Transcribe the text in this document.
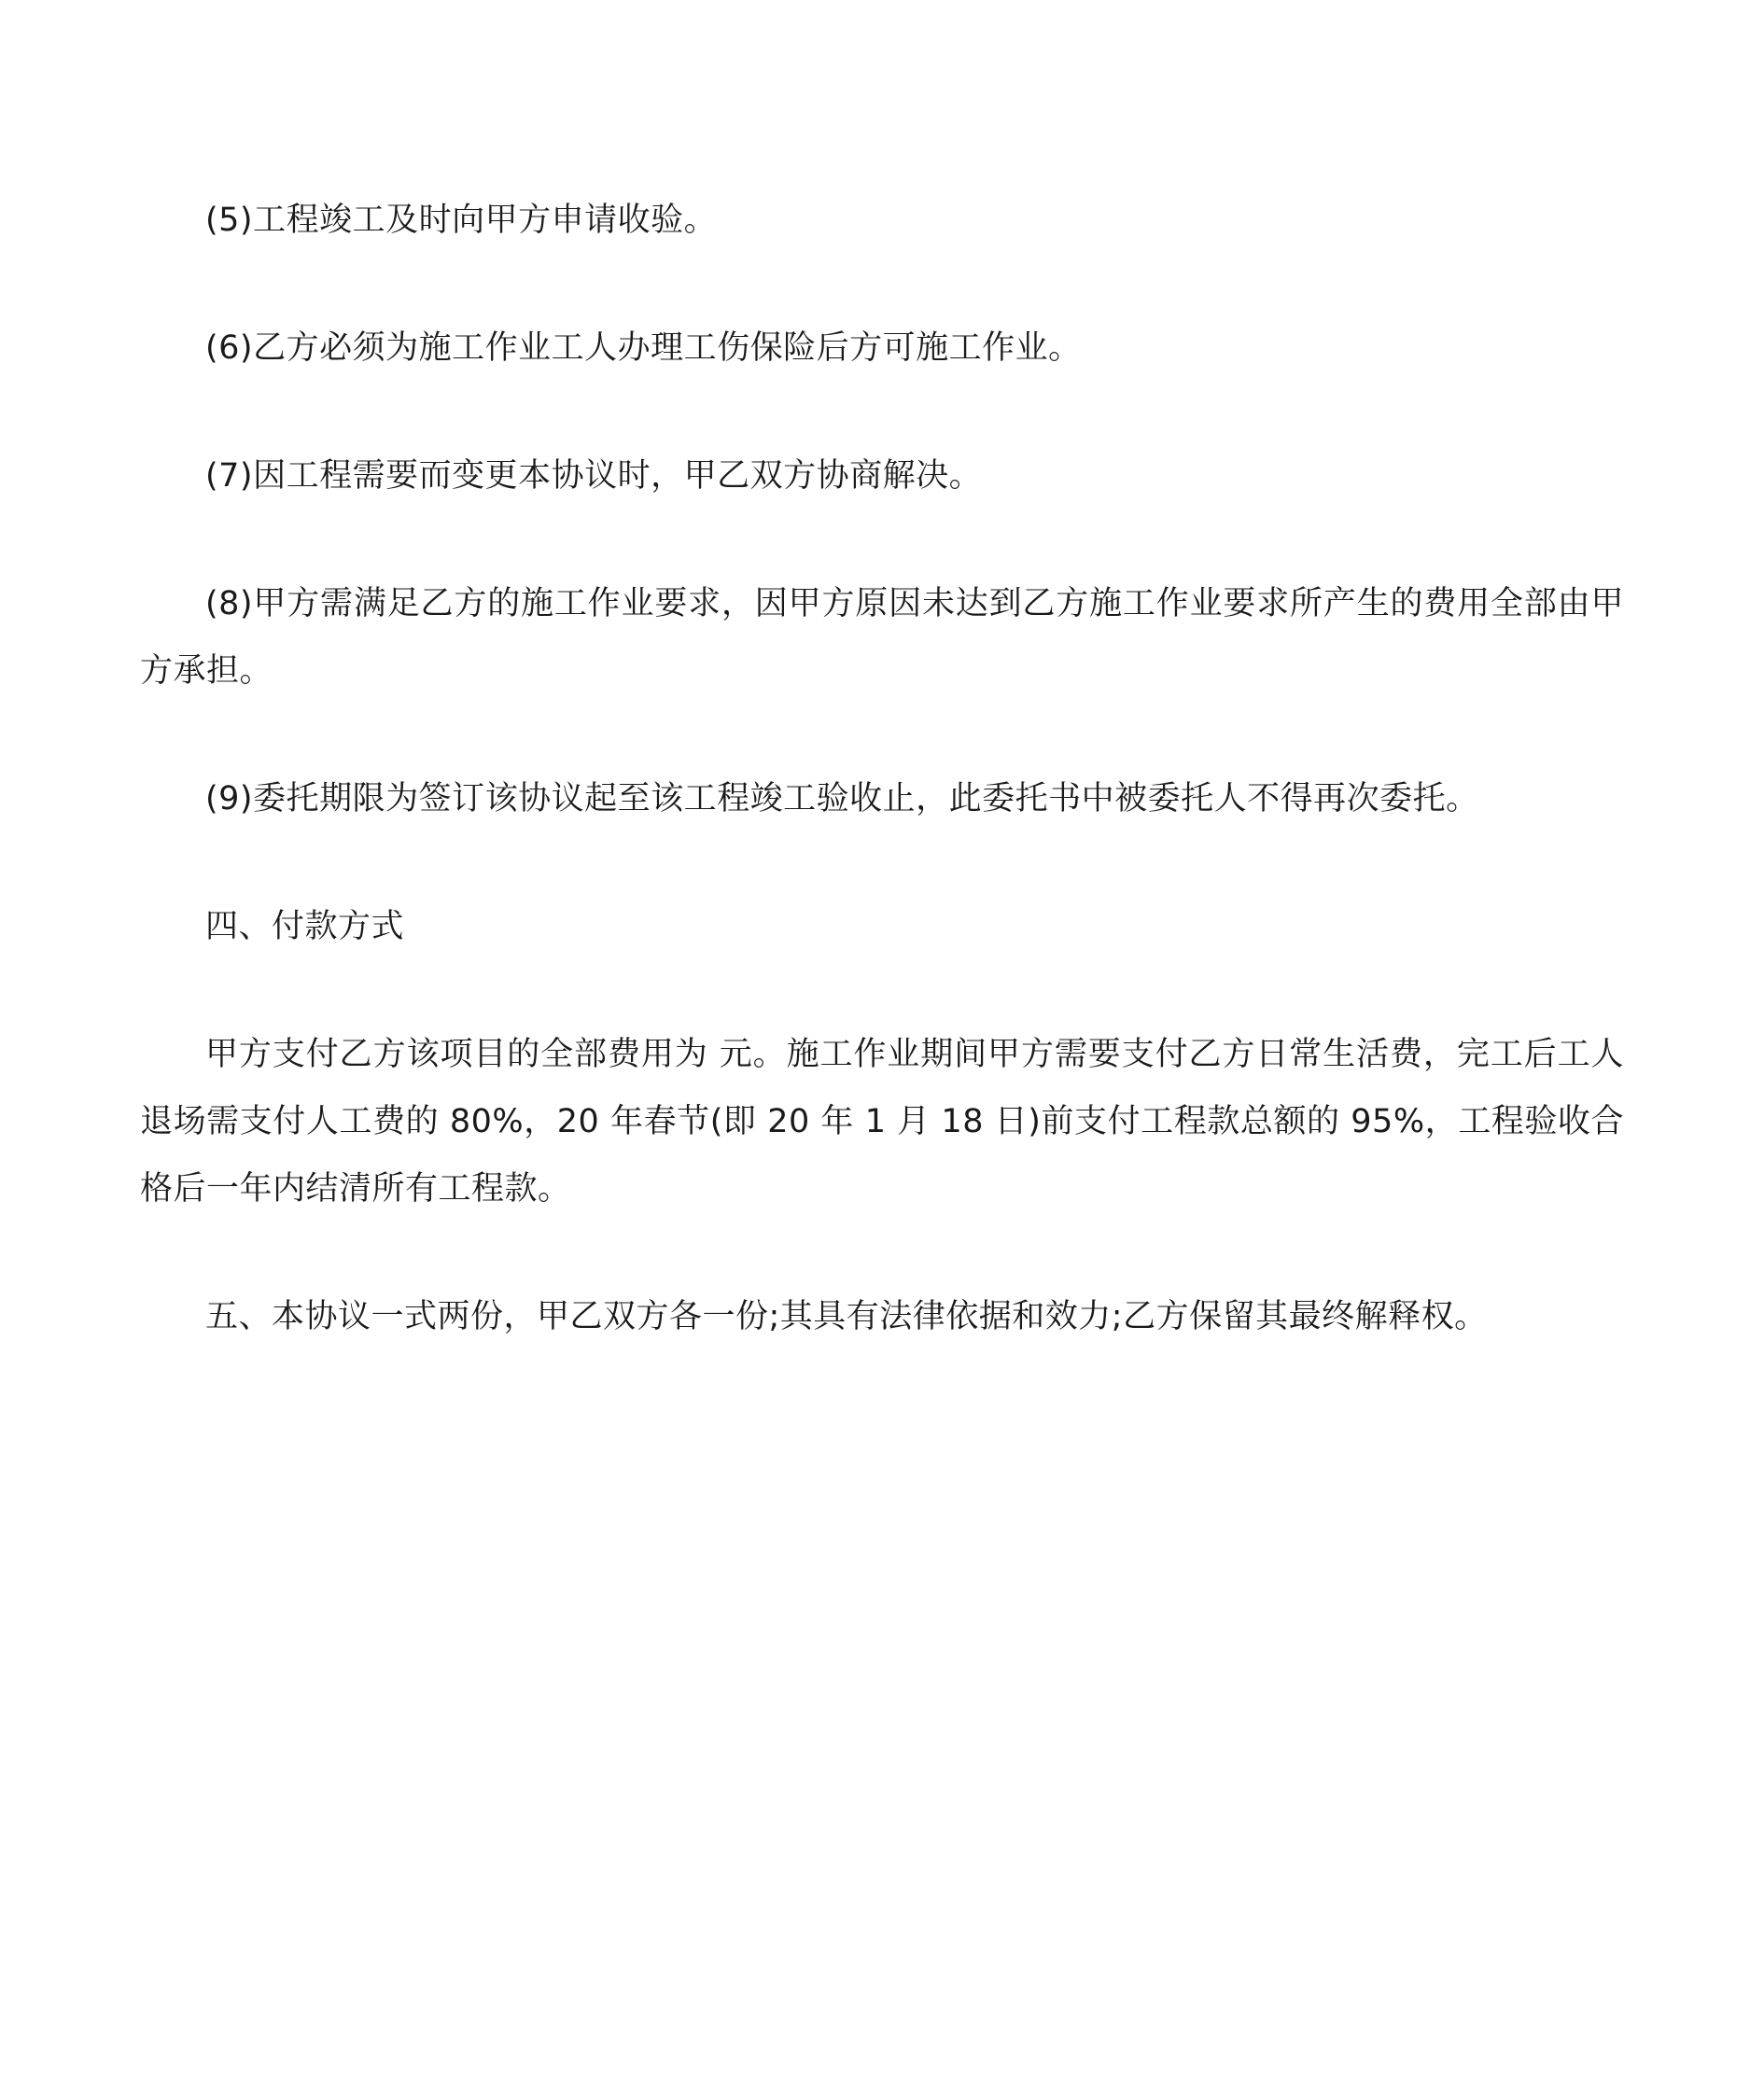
(5)工程竣工及时向甲方申请收验。

(6)乙方必须为施工作业工人办理工伤保险后方可施工作业。

(7)因工程需要而变更本协议时，甲乙双方协商解决。

(8)甲方需满足乙方的施工作业要求，因甲方原因未达到乙方施工作业要求所产生的费用全部由甲方承担。

(9)委托期限为签订该协议起至该工程竣工验收止，此委托书中被委托人不得再次委托。

四、付款方式

甲方支付乙方该项目的全部费用为 元。施工作业期间甲方需要支付乙方日常生活费，完工后工人退场需支付人工费的 80%，20 年春节(即 20 年 1 月 18 日)前支付工程款总额的 95%，工程验收合格后一年内结清所有工程款。

五、本协议一式两份，甲乙双方各一份;其具有法律依据和效力;乙方保留其最终解释权。
